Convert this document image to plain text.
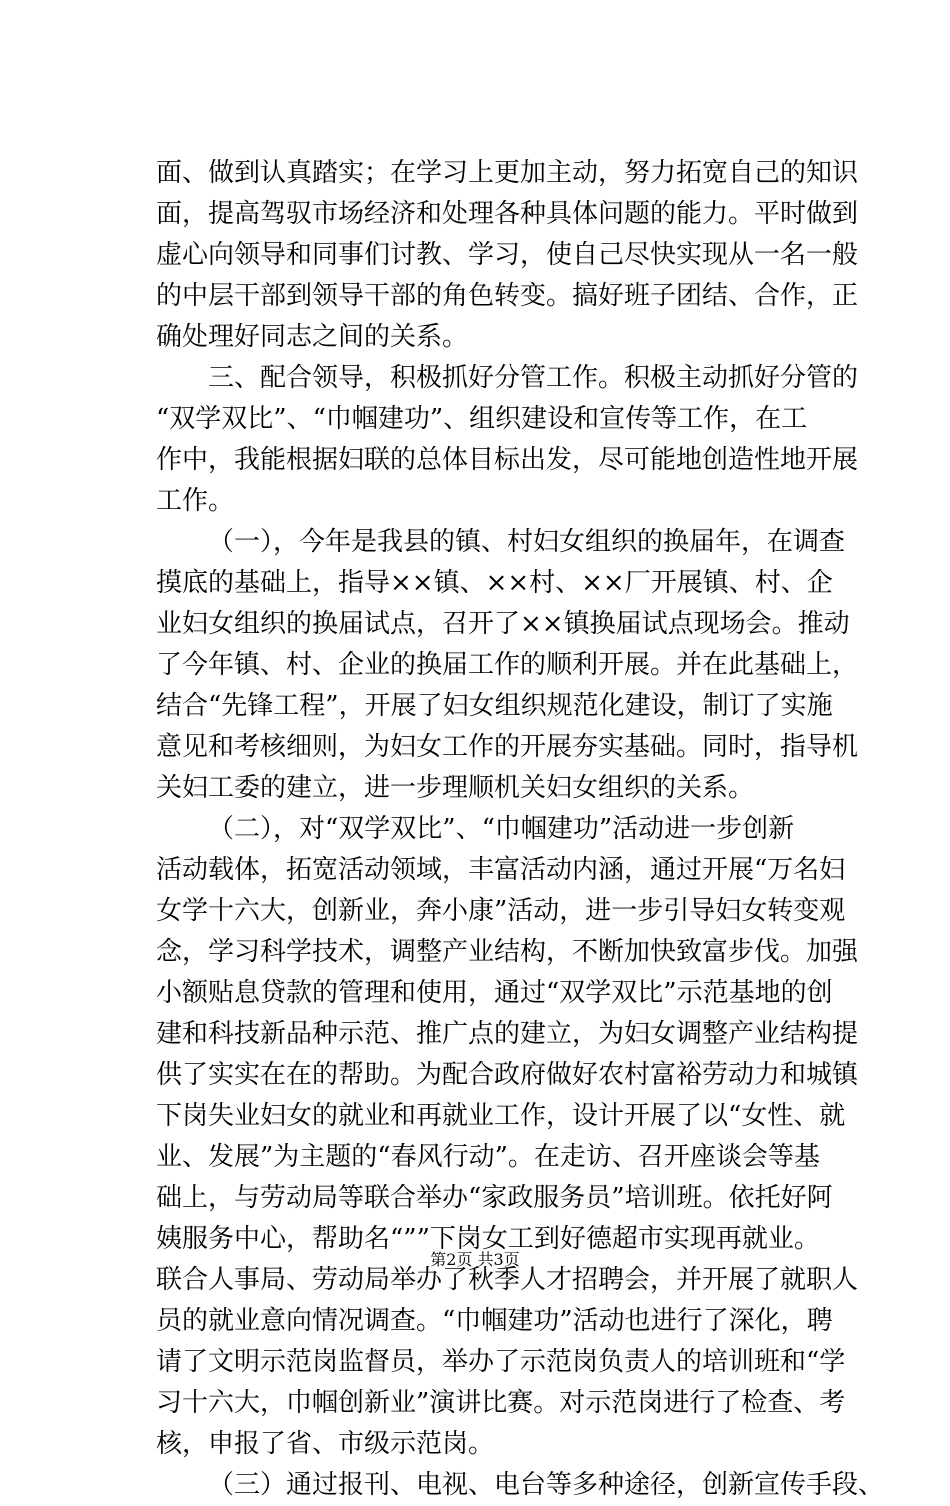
面、做到认真踏实；在学习上更加主动，努力拓宽自己的知识
面，提高驾驭市场经济和处理各种具体问题的能力。平时做到
虚心向领导和同事们讨教、学习，使自己尽快实现从一名一般
的中层干部到领导干部的角色转变。搞好班子团结、合作，正
确处理好同志之间的关系。
三、配合领导，积极抓好分管工作。积极主动抓好分管的
“双学双比”、“巾帼建功”、组织建设和宣传等工作，在工
作中，我能根据妇联的总体目标出发，尽可能地创造性地开展
工作。
（一），今年是我县的镇、村妇女组织的换届年，在调查
摸底的基础上，指导××镇、××村、××厂开展镇、村、企
业妇女组织的换届试点，召开了××镇换届试点现场会。推动
了今年镇、村、企业的换届工作的顺利开展。并在此基础上，
结合“先锋工程”，开展了妇女组织规范化建设，制订了实施
意见和考核细则，为妇女工作的开展夯实基础。同时，指导机
关妇工委的建立，进一步理顺机关妇女组织的关系。
（二），对“双学双比”、“巾帼建功”活动进一步创新
活动载体，拓宽活动领域，丰富活动内涵，通过开展“万名妇
女学十六大，创新业，奔小康”活动，进一步引导妇女转变观
念，学习科学技术，调整产业结构，不断加快致富步伐。加强
小额贴息贷款的管理和使用，通过“双学双比”示范基地的创
建和科技新品种示范、推广点的建立，为妇女调整产业结构提
供了实实在在的帮助。为配合政府做好农村富裕劳动力和城镇
下岗失业妇女的就业和再就业工作，设计开展了以“女性、就
业、发展”为主题的“春风行动”。在走访、召开座谈会等基
础上，与劳动局等联合举办“家政服务员”培训班。依托好阿
姨服务中心，帮助名“””下岗女工到好德超市实现再就业。
联合人事局、劳动局举办了秋季人才招聘会，并开展了就职人
员的就业意向情况调查。“巾帼建功”活动也进行了深化，聘
请了文明示范岗监督员，举办了示范岗负责人的培训班和“学
习十六大，巾帼创新业”演讲比赛。对示范岗进行了检查、考
核，申报了省、市级示范岗。
（三）通过报刊、电视、电台等多种途径，创新宣传手段、
第2页 共3页
